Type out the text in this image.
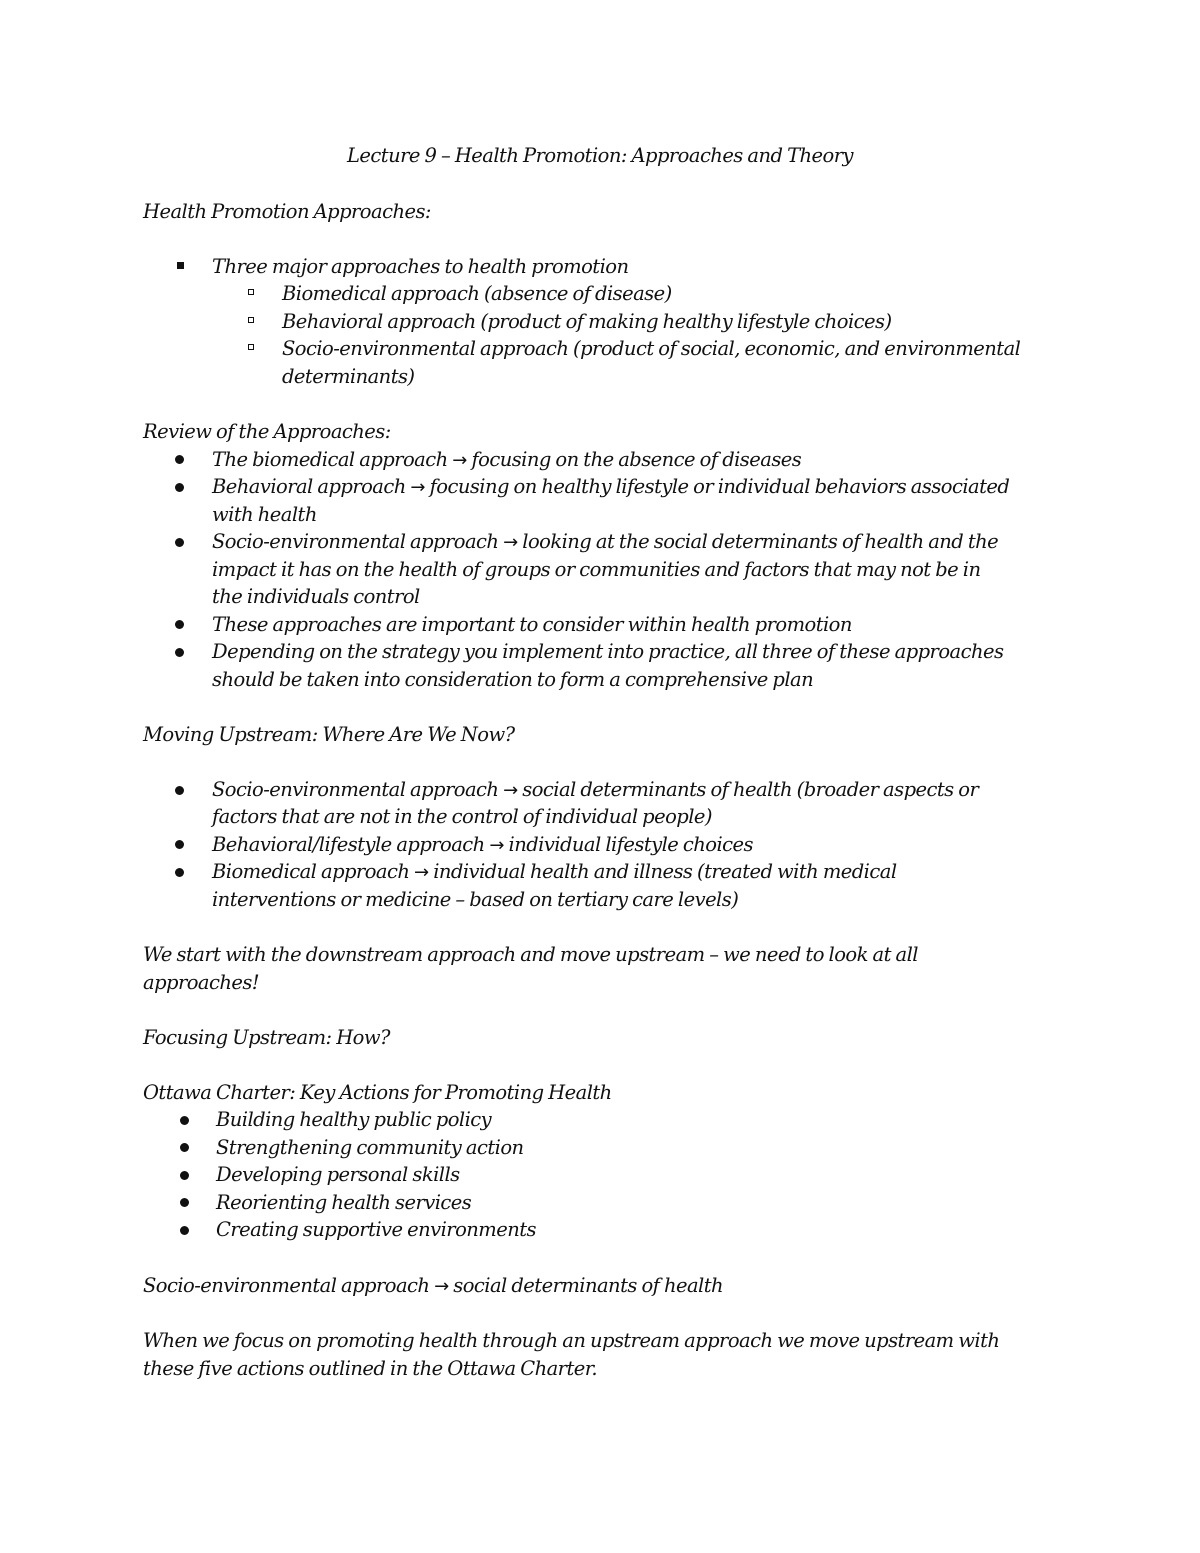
Lecture 9 – Health Promotion: Approaches and Theory
Health Promotion Approaches:
Three major approaches to health promotion
Biomedical approach (absence of disease)
Behavioral approach (product of making healthy lifestyle choices)
Socio-environmental approach (product of social, economic, and environmental
determinants)
Review of the Approaches:
The biomedical approach → focusing on the absence of diseases
Behavioral approach → focusing on healthy lifestyle or individual behaviors associated
with health
Socio-environmental approach → looking at the social determinants of health and the
impact it has on the health of groups or communities and factors that may not be in
the individuals control
These approaches are important to consider within health promotion
Depending on the strategy you implement into practice, all three of these approaches
should be taken into consideration to form a comprehensive plan
Moving Upstream: Where Are We Now?
Socio-environmental approach → social determinants of health (broader aspects or
factors that are not in the control of individual people)
Behavioral/lifestyle approach → individual lifestyle choices
Biomedical approach → individual health and illness (treated with medical
interventions or medicine – based on tertiary care levels)
We start with the downstream approach and move upstream – we need to look at all
approaches!
Focusing Upstream: How?
Ottawa Charter: Key Actions for Promoting Health
Building healthy public policy
Strengthening community action
Developing personal skills
Reorienting health services
Creating supportive environments
Socio-environmental approach → social determinants of health
When we focus on promoting health through an upstream approach we move upstream with
these five actions outlined in the Ottawa Charter.
